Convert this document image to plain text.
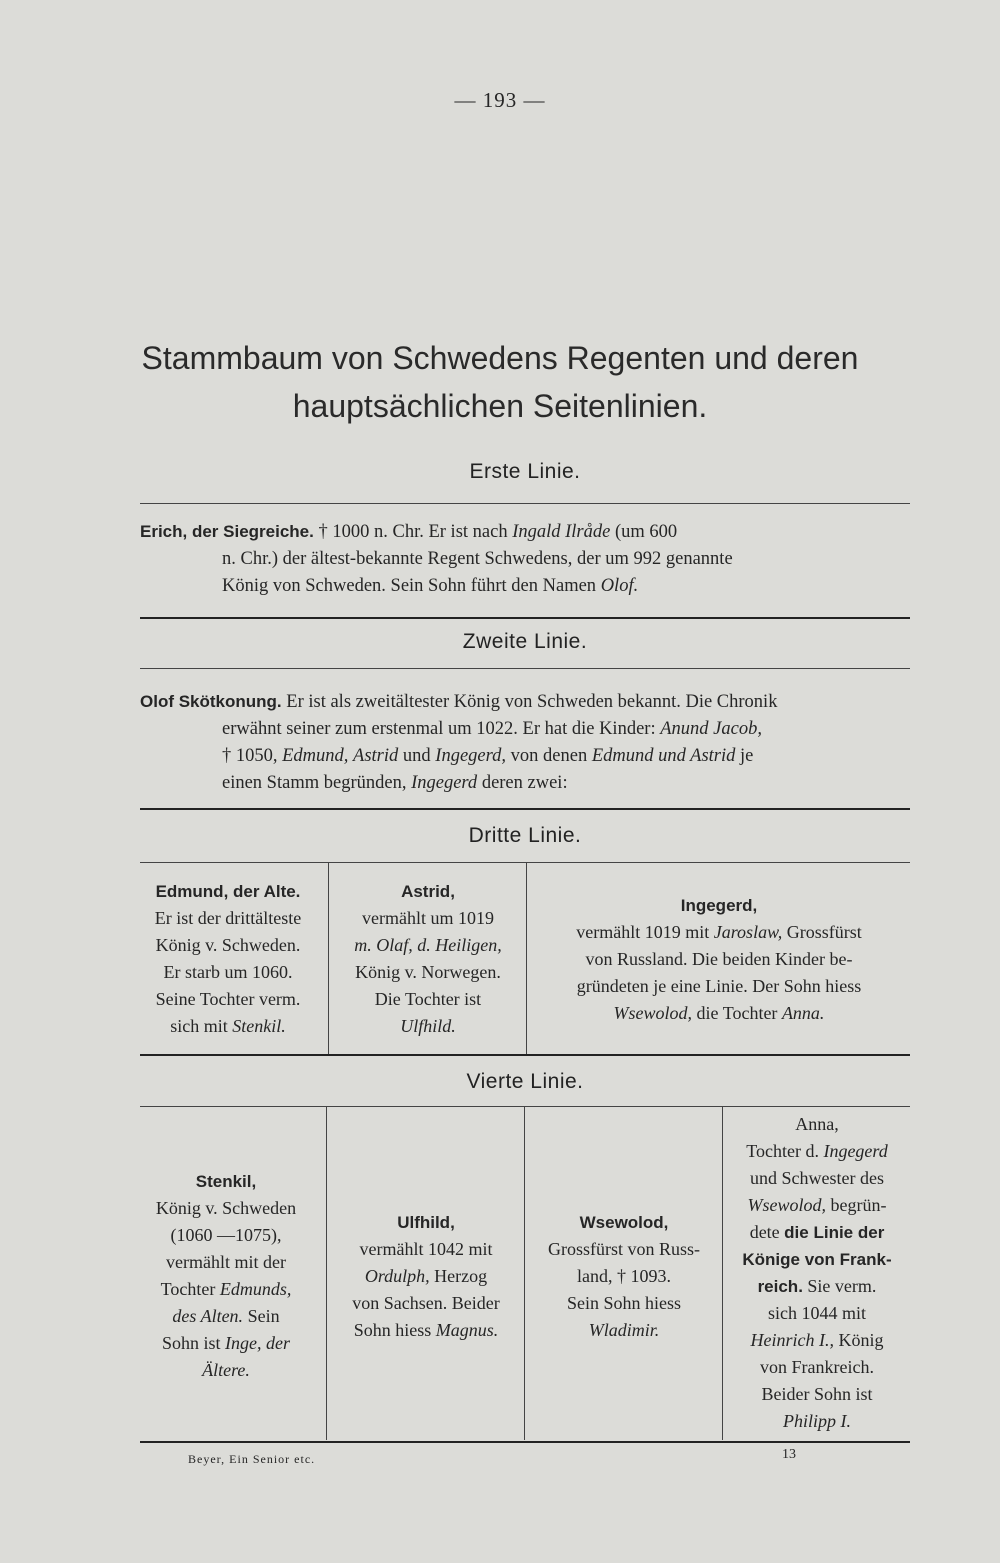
— 193 —
Stammbaum von Schwedens Regenten und deren hauptsächlichen Seitenlinien.
Erste Linie.
Erich, der Siegreiche. † 1000 n. Chr. Er ist nach Ingald Ilråde (um 600
n. Chr.) der ältest-bekannte Regent Schwedens, der um 992 genannte
König von Schweden. Sein Sohn führt den Namen Olof.
Zweite Linie.
Olof Skötkonung. Er ist als zweitältester König von Schweden bekannt. Die Chronik
erwähnt seiner zum erstenmal um 1022. Er hat die Kinder: Anund Jacob,
† 1050, Edmund, Astrid und Ingegerd, von denen Edmund und Astrid je
einen Stamm begründen, Ingegerd deren zwei:
Dritte Linie.
Edmund, der Alte.
Er ist der drittälteste
König v. Schweden.
Er starb um 1060.
Seine Tochter verm.
sich mit Stenkil.
Astrid,
vermählt um 1019
m. Olaf, d. Heiligen,
König v. Norwegen.
Die Tochter ist
Ulfhild.
Ingegerd,
vermählt 1019 mit Jaroslaw, Grossfürst
von Russland. Die beiden Kinder be-
gründeten je eine Linie. Der Sohn hiess
Wsewolod, die Tochter Anna.
Vierte Linie.
Stenkil,
König v. Schweden
(1060 —1075),
vermählt mit der
Tochter Edmunds,
des Alten. Sein
Sohn ist Inge, der
Ältere.
Ulfhild,
vermählt 1042 mit
Ordulph, Herzog
von Sachsen. Beider
Sohn hiess Magnus.
Wsewolod,
Grossfürst von Russ-
land, † 1093.
Sein Sohn hiess
Wladimir.
Anna,
Tochter d. Ingegerd
und Schwester des
Wsewolod, begrün-
dete die Linie der
Könige von Frank-
reich. Sie verm.
sich 1044 mit
Heinrich I., König
von Frankreich.
Beider Sohn ist
Philipp I.
Beyer, Ein Senior etc.	13
